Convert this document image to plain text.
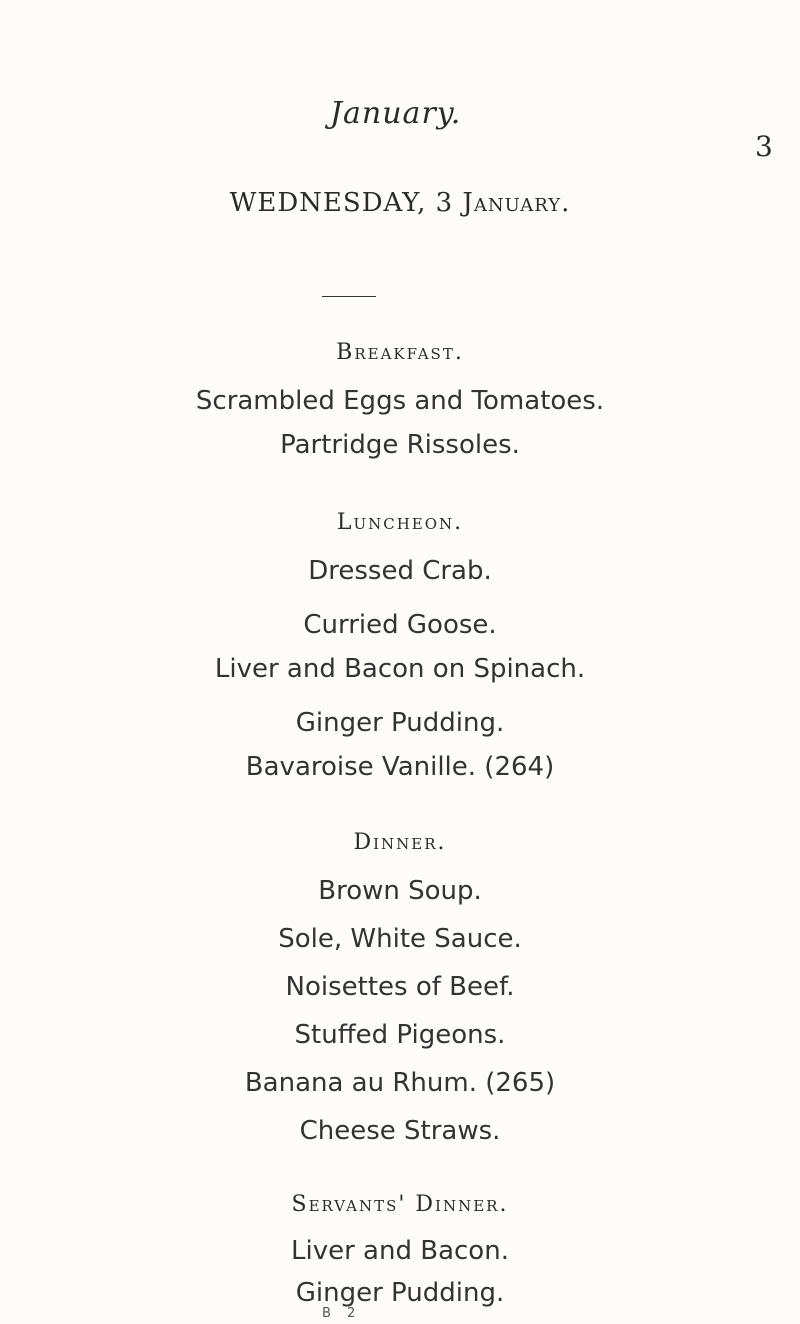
January.
3
WEDNESDAY, 3 January.
Breakfast.
Scrambled Eggs and Tomatoes.
Partridge Rissoles.
Luncheon.
Dressed Crab.
Curried Goose.
Liver and Bacon on Spinach.
Ginger Pudding.
Bavaroise Vanille. (264)
Dinner.
Brown Soup.
Sole, White Sauce.
Noisettes of Beef.
Stuffed Pigeons.
Banana au Rhum. (265)
Cheese Straws.
Servants' Dinner.
Liver and Bacon.
Ginger Pudding.
B 2
